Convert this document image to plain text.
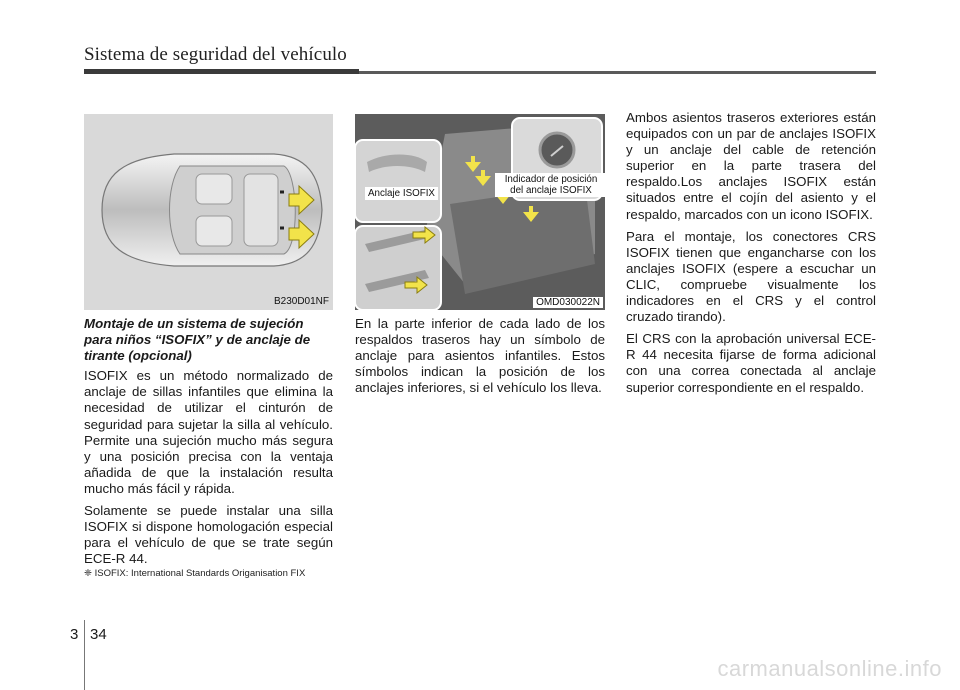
Sistema de seguridad del vehículo
B230D01NF
Anclaje ISOFIX
Indicador de posición
del anclaje ISOFIX
OMD030022N

Montaje de un sistema de sujeción para niños “ISOFIX” y de anclaje de tirante (opcional)

ISOFIX es un método normalizado de anclaje de sillas infantiles que elimina la necesidad de utilizar el cinturón de seguridad para sujetar la silla al vehículo. Permite una sujeción mucho más segura y una posición precisa con la ventaja añadida de que la instalación resulta mucho más fácil y rápida.

Solamente se puede instalar una silla ISOFIX si dispone homologación especial para el vehículo de que se trate según ECE-R 44.

❈ ISOFIX: International Standards Origanisation FIX

En la parte inferior de cada lado de los respaldos traseros hay un símbolo de anclaje para asientos infantiles. Estos símbolos indican la posición de los anclajes inferiores, si el vehículo los lleva.

Ambos asientos traseros exteriores están equipados con un par de anclajes ISOFIX y un anclaje del cable de retención superior en la parte trasera del respaldo.Los anclajes ISOFIX están situados entre el cojín del asiento y el respaldo, marcados con un icono ISOFIX.

Para el montaje, los conectores CRS ISOFIX tienen que engancharse con los anclajes ISOFIX (espere a escuchar un CLIC, compruebe visualmente los indicadores en el CRS y el control cruzado tirando).

El CRS con la aprobación universal ECE-R 44 necesita fijarse de forma adicional con una correa conectada al anclaje superior correspondiente en el respaldo.

3 34
carmanualsonline.info
